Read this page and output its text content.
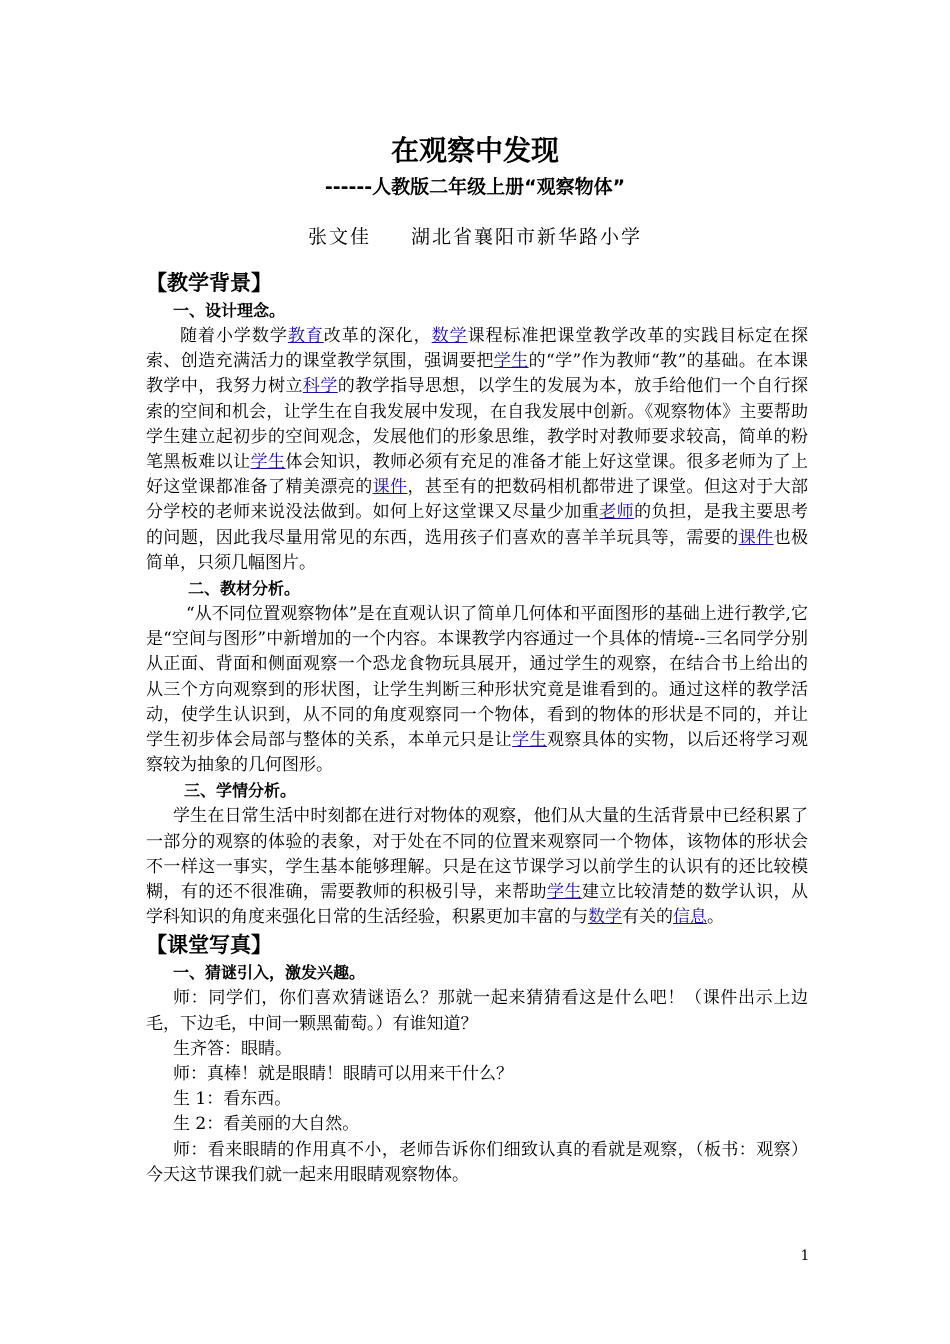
在观察中发现
------人教版二年级上册“观察物体”
张文佳 湖北省襄阳市新华路小学
【教学背景】
一、设计理念。

随着小学数学教育改革的深化，数学课程标准把课堂教学改革的实践目标定在探索、创造充满活力的课堂教学氛围，强调要把学生的“学”作为教师“教”的基础。在本课教学中，我努力树立科学的教学指导思想，以学生的发展为本，放手给他们一个自行探索的空间和机会，让学生在自我发展中发现，在自我发展中创新。《观察物体》主要帮助学生建立起初步的空间观念，发展他们的形象思维，教学时对教师要求较高，简单的粉笔黑板难以让学生体会知识，教师必须有充足的准备才能上好这堂课。很多老师为了上好这堂课都准备了精美漂亮的课件，甚至有的把数码相机都带进了课堂。但这对于大部分学校的老师来说没法做到。如何上好这堂课又尽量少加重老师的负担，是我主要思考的问题，因此我尽量用常见的东西，选用孩子们喜欢的喜羊羊玩具等，需要的课件也极简单，只须几幅图片。

二、教材分析。

“从不同位置观察物体”是在直观认识了简单几何体和平面图形的基础上进行教学,它是“空间与图形”中新增加的一个内容。本课教学内容通过一个具体的情境--三名同学分别从正面、背面和侧面观察一个恐龙食物玩具展开，通过学生的观察，在结合书上给出的从三个方向观察到的形状图，让学生判断三种形状究竟是谁看到的。通过这样的教学活动，使学生认识到，从不同的角度观察同一个物体，看到的物体的形状是不同的，并让学生初步体会局部与整体的关系，本单元只是让学生观察具体的实物，以后还将学习观察较为抽象的几何图形。

三、学情分析。

学生在日常生活中时刻都在进行对物体的观察，他们从大量的生活背景中已经积累了一部分的观察的体验的表象，对于处在不同的位置来观察同一个物体，该物体的形状会不一样这一事实，学生基本能够理解。只是在这节课学习以前学生的认识有的还比较模糊，有的还不很准确，需要教师的积极引导，来帮助学生建立比较清楚的数学认识，从学科知识的角度来强化日常的生活经验，积累更加丰富的与数学有关的信息。

【课堂写真】
一、猜谜引入，激发兴趣。

师：同学们，你们喜欢猜谜语么？那就一起来猜猜看这是什么吧！（课件出示上边毛，下边毛，中间一颗黑葡萄。）有谁知道？

生齐答：眼睛。

师：真棒！就是眼睛！眼睛可以用来干什么？

生 1：看东西。

生 2：看美丽的大自然。

师：看来眼睛的作用真不小，老师告诉你们细致认真的看就是观察，（板书：观察）今天这节课我们就一起来用眼睛观察物体。

1
